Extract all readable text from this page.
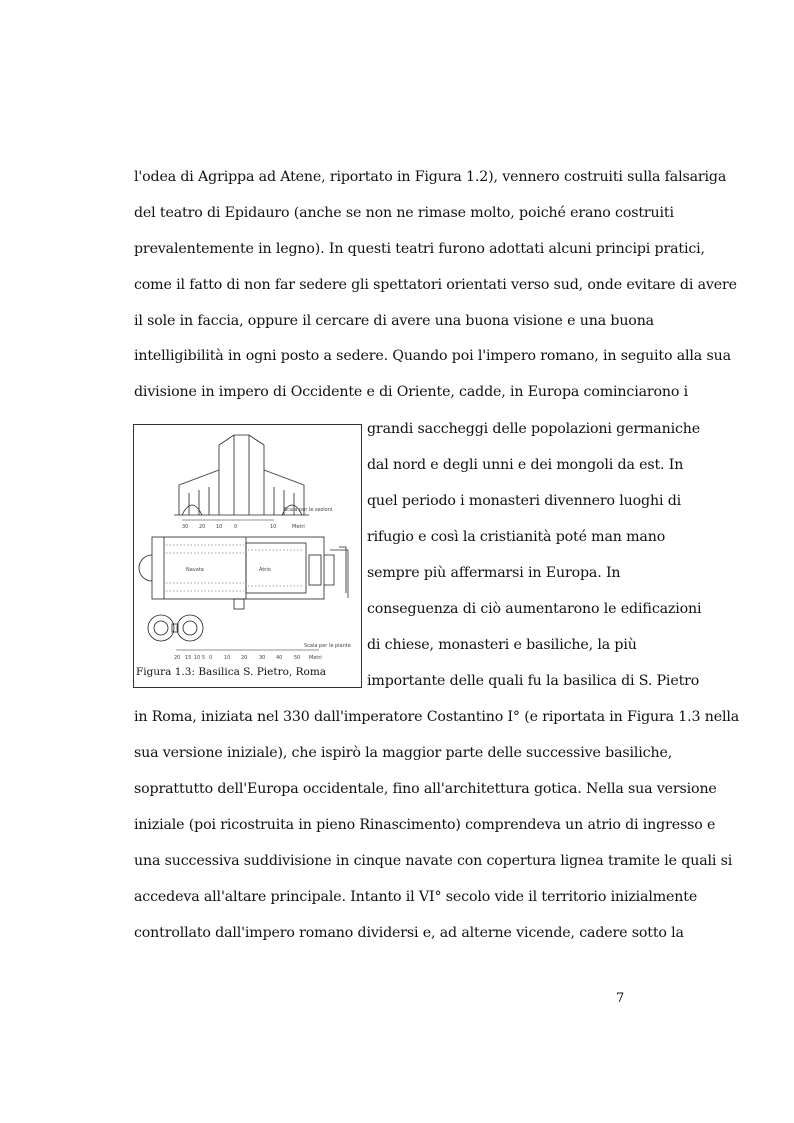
l'odea di Agrippa ad Atene, riportato in Figura 1.2), vennero costruiti sulla falsariga
del teatro di Epidauro (anche se non ne rimase molto, poiché erano costruiti
prevalentemente in legno). In questi teatri furono adottati alcuni principi pratici,
come il fatto di non far sedere gli spettatori orientati verso sud, onde evitare di avere
il sole in faccia, oppure il cercare di avere una buona visione e una buona
intelligibilità in ogni posto a sedere. Quando poi l'impero romano, in seguito alla sua
divisione in impero di Occidente e di Oriente, cadde, in Europa cominciarono i
grandi saccheggi delle popolazioni germaniche
dal nord e degli unni e dei mongoli da est. In
quel periodo i monasteri divennero luoghi di
rifugio e così la cristianità poté man mano
sempre più affermarsi in Europa. In
conseguenza di ciò aumentarono le edificazioni
di chiese, monasteri e basiliche, la più
importante delle quali fu la basilica di S. Pietro
Scala per le sezioni
30 20 10 0	10	Metri
Navata	Atrio
Scala per le piante
20 15 10 5 0 10 20 30 40 50 Metri
Figura 1.3: Basilica S. Pietro, Roma
in Roma, iniziata nel 330 dall'imperatore Costantino I° (e riportata in Figura 1.3 nella
sua versione iniziale), che ispirò la maggior parte delle successive basiliche,
soprattutto dell'Europa occidentale, fino all'architettura gotica. Nella sua versione
iniziale (poi ricostruita in pieno Rinascimento) comprendeva un atrio di ingresso e
una successiva suddivisione in cinque navate con copertura lignea tramite le quali si
accedeva all'altare principale. Intanto il VI° secolo vide il territorio inizialmente
controllato dall'impero romano dividersi e, ad alterne vicende, cadere sotto la
7
